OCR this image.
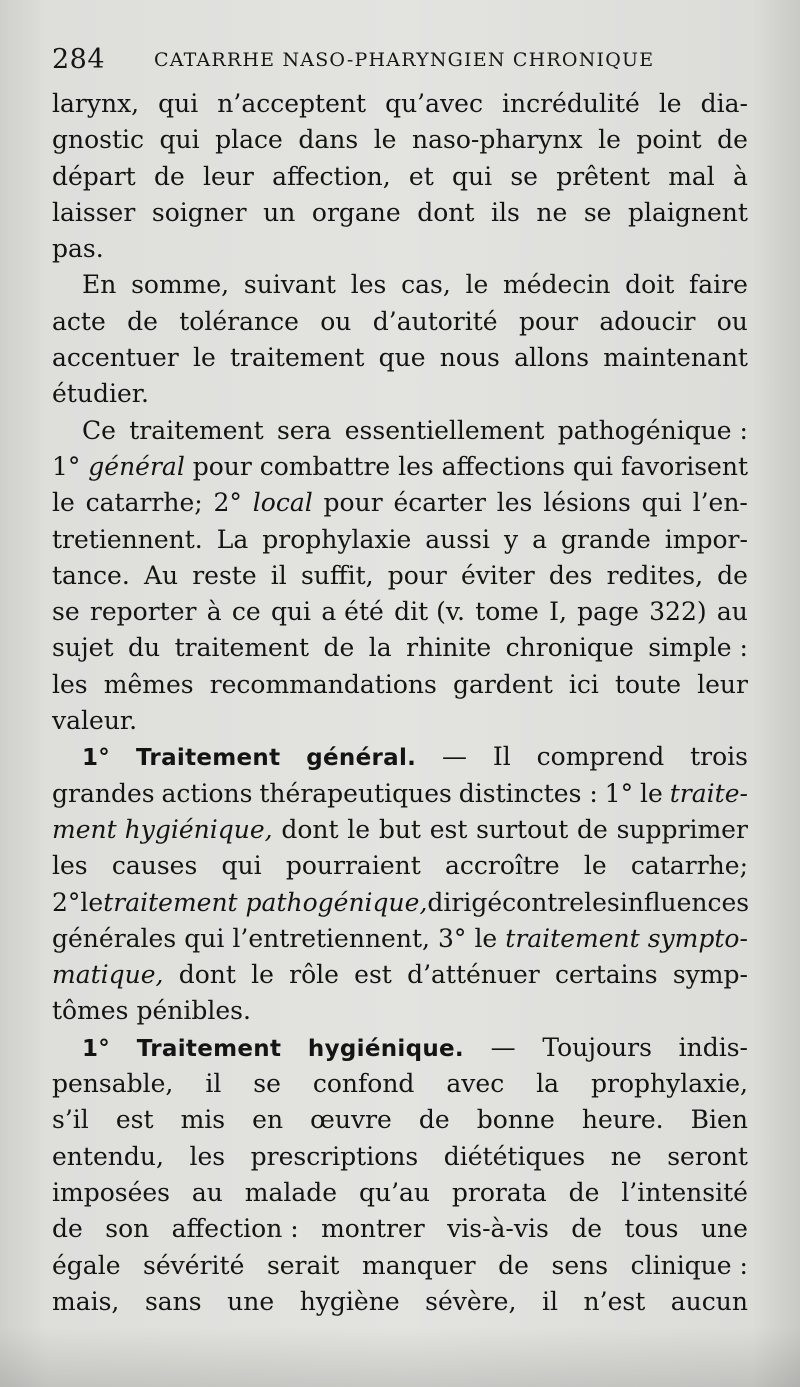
284	CATARRHE NASO-PHARYNGIEN CHRONIQUE
larynx, qui n’acceptent qu’avec incrédulité le dia-
gnostic qui place dans le naso-pharynx le point de
départ de leur affection, et qui se prêtent mal à
laisser soigner un organe dont ils ne se plaignent
pas.
En somme, suivant les cas, le médecin doit faire
acte de tolérance ou d’autorité pour adoucir ou
accentuer le traitement que nous allons maintenant
étudier.
Ce traitement sera essentiellement pathogénique :
1° général pour combattre les affections qui favorisent
le catarrhe; 2° local pour écarter les lésions qui l’en-
tretiennent. La prophylaxie aussi y a grande impor-
tance. Au reste il suffit, pour éviter des redites, de
se reporter à ce qui a été dit (v. tome I, page 322) au
sujet du traitement de la rhinite chronique simple :
les mêmes recommandations gardent ici toute leur
valeur.
1° Traitement général. — Il comprend trois
grandes actions thérapeutiques distinctes : 1° le traite-
ment hygiénique, dont le but est surtout de supprimer
les causes qui pourraient accroître le catarrhe;
2° le traitement pathogénique, dirigé contre les influences
générales qui l’entretiennent, 3° le traitement sympto-
matique, dont le rôle est d’atténuer certains symp-
tômes pénibles.
1° Traitement hygiénique. — Toujours indis-
pensable, il se confond avec la prophylaxie,
s’il est mis en œuvre de bonne heure. Bien
entendu, les prescriptions diététiques ne seront
imposées au malade qu’au prorata de l’intensité
de son affection : montrer vis-à-vis de tous une
égale sévérité serait manquer de sens clinique :
mais, sans une hygiène sévère, il n’est aucun
